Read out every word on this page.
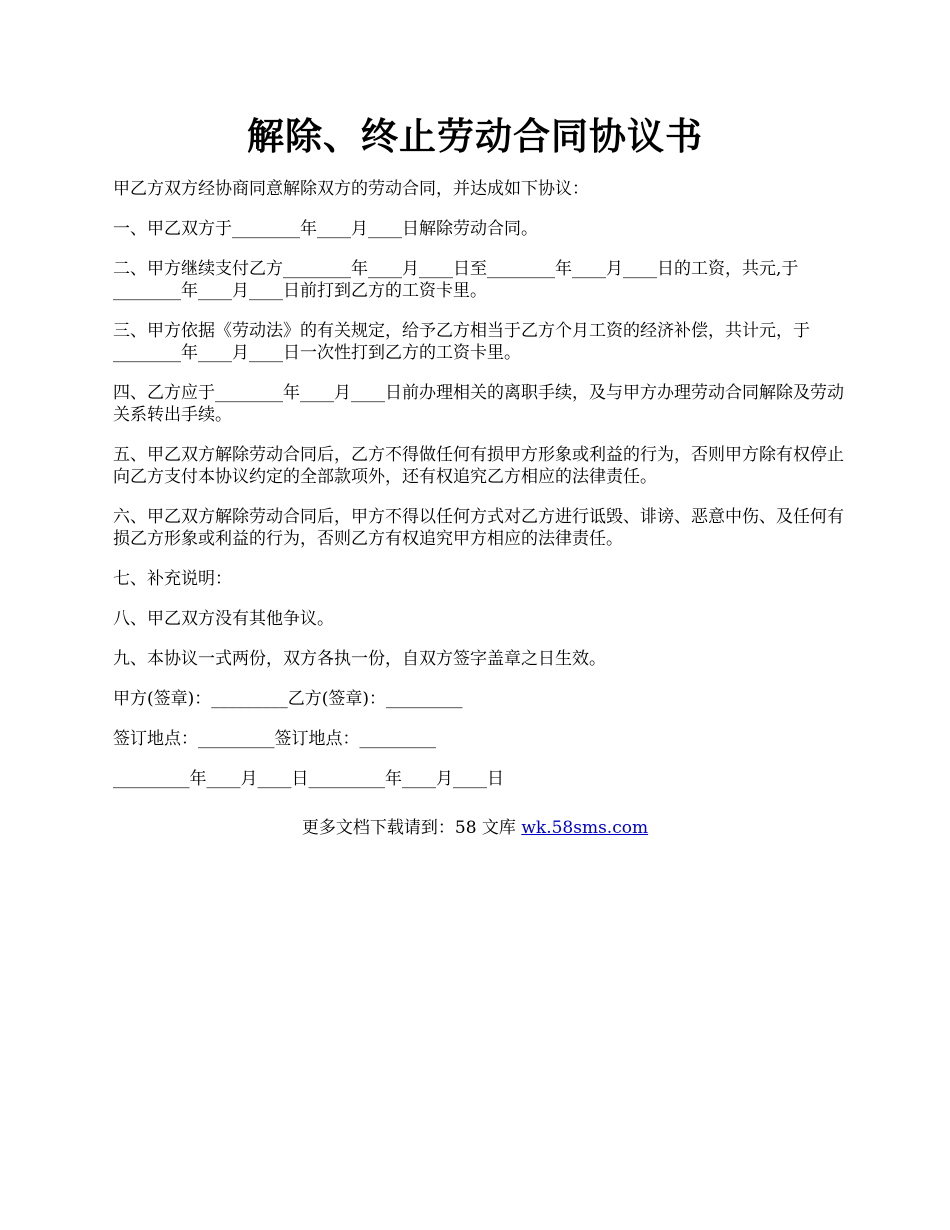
解除、终止劳动合同协议书

甲乙方双方经协商同意解除双方的劳动合同，并达成如下协议：

一、甲乙双方于________年____月____日解除劳动合同。

二、甲方继续支付乙方________年____月____日至________年____月____日的工资，共元,于________年____月____日前打到乙方的工资卡里。

三、甲方依据《劳动法》的有关规定，给予乙方相当于乙方个月工资的经济补偿，共计元，于________年____月____日一次性打到乙方的工资卡里。

四、乙方应于________年____月____日前办理相关的离职手续，及与甲方办理劳动合同解除及劳动关系转出手续。

五、甲乙双方解除劳动合同后，乙方不得做任何有损甲方形象或利益的行为，否则甲方除有权停止向乙方支付本协议约定的全部款项外，还有权追究乙方相应的法律责任。

六、甲乙双方解除劳动合同后，甲方不得以任何方式对乙方进行诋毁、诽谤、恶意中伤、及任何有损乙方形象或利益的行为，否则乙方有权追究甲方相应的法律责任。

七、补充说明：

八、甲乙双方没有其他争议。

九、本协议一式两份，双方各执一份，自双方签字盖章之日生效。

甲方(签章)：_________乙方(签章)：_________

签订地点：_________签订地点：_________

_________年____月____日_________年____月____日

更多文档下载请到：58 文库 wk.58sms.com
